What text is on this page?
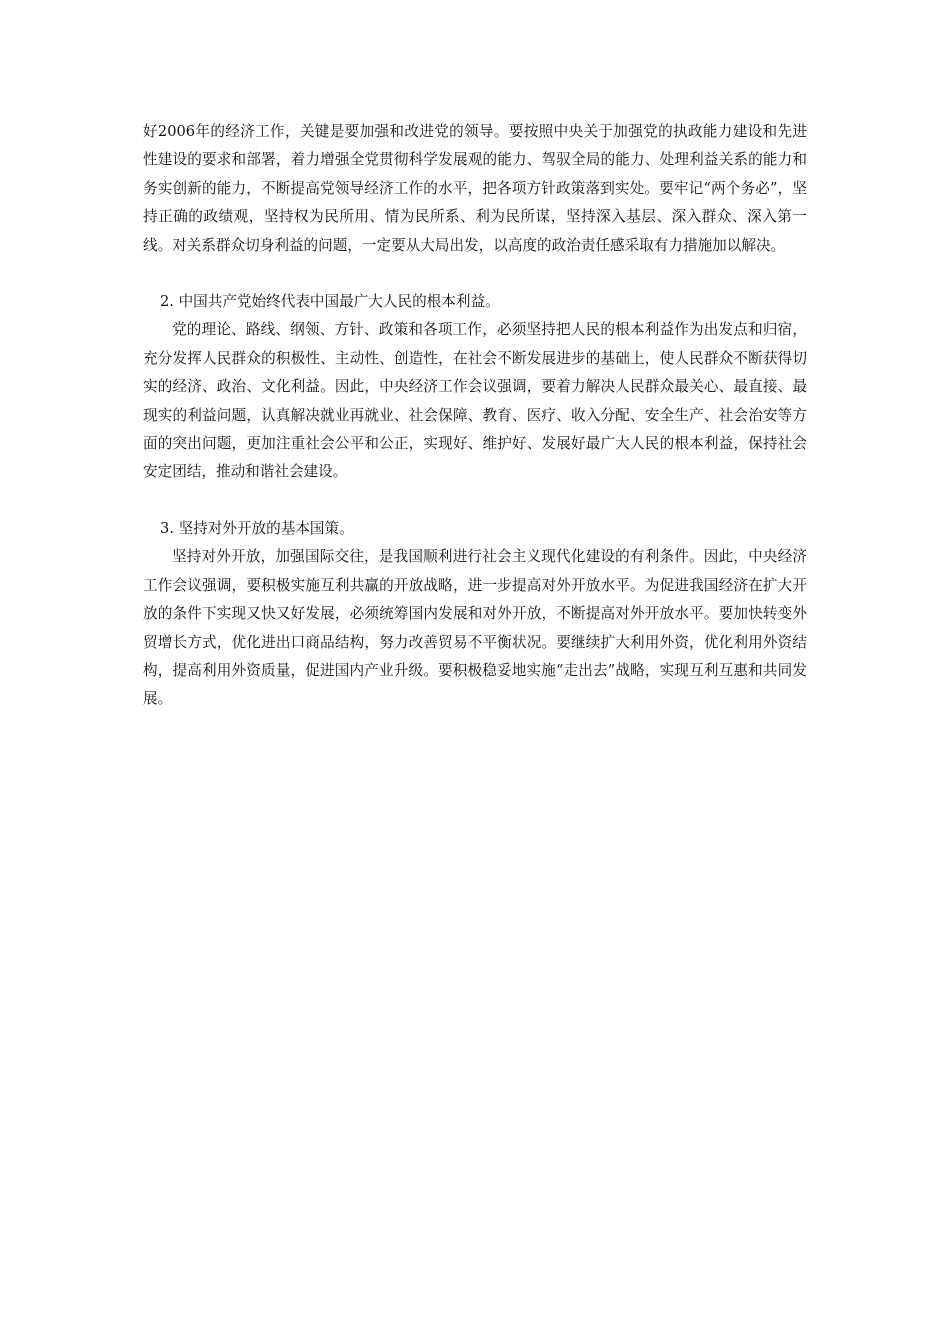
好2006年的经济工作，关键是要加强和改进党的领导。要按照中央关于加强党的执政能力建设和先进性建设的要求和部署，着力增强全党贯彻科学发展观的能力、驾驭全局的能力、处理利益关系的能力和务实创新的能力，不断提高党领导经济工作的水平，把各项方针政策落到实处。要牢记“两个务必”，坚持正确的政绩观，坚持权为民所用、情为民所系、利为民所谋，坚持深入基层、深入群众、深入第一线。对关系群众切身利益的问题，一定要从大局出发，以高度的政治责任感采取有力措施加以解决。

2. 中国共产党始终代表中国最广大人民的根本利益。

党的理论、路线、纲领、方针、政策和各项工作，必须坚持把人民的根本利益作为出发点和归宿，充分发挥人民群众的积极性、主动性、创造性，在社会不断发展进步的基础上，使人民群众不断获得切实的经济、政治、文化利益。因此，中央经济工作会议强调，要着力解决人民群众最关心、最直接、最现实的利益问题，认真解决就业再就业、社会保障、教育、医疗、收入分配、安全生产、社会治安等方面的突出问题，更加注重社会公平和公正，实现好、维护好、发展好最广大人民的根本利益，保持社会安定团结，推动和谐社会建设。

3. 坚持对外开放的基本国策。

坚持对外开放，加强国际交往，是我国顺利进行社会主义现代化建设的有利条件。因此，中央经济工作会议强调，要积极实施互利共赢的开放战略，进一步提高对外开放水平。为促进我国经济在扩大开放的条件下实现又快又好发展，必须统筹国内发展和对外开放，不断提高对外开放水平。要加快转变外贸增长方式，优化进出口商品结构，努力改善贸易不平衡状况。要继续扩大利用外资，优化利用外资结构，提高利用外资质量，促进国内产业升级。要积极稳妥地实施“走出去”战略，实现互利互惠和共同发展。
